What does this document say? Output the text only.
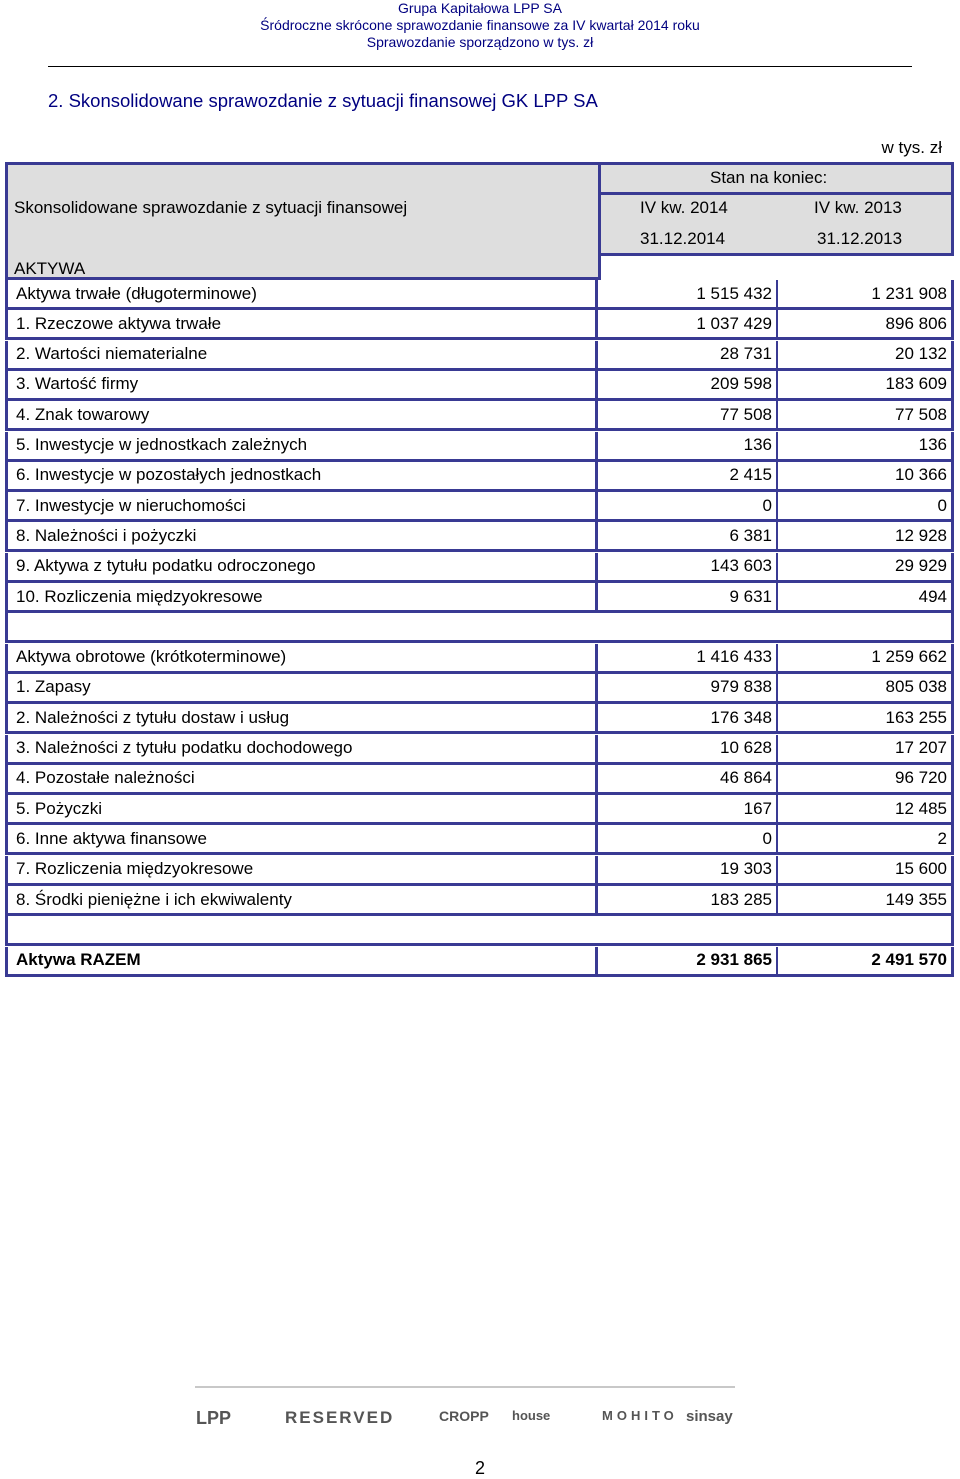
Grupa Kapitałowa LPP SA
Śródroczne skrócone sprawozdanie finansowe za IV kwartał 2014 roku
Sprawozdanie sporządzono w tys. zł
2. Skonsolidowane sprawozdanie z sytuacji finansowej GK LPP SA
w tys. zł
Stan na koniec:
Skonsolidowane sprawozdanie z sytuacji finansowej	IV kw. 2014	IV kw. 2013
31.12.2014	31.12.2013
AKTYWA
Aktywa trwałe (długoterminowe)	1 515 432	1 231 908
1. Rzeczowe aktywa trwałe	1 037 429	896 806
2. Wartości niematerialne	28 731	20 132
3. Wartość firmy	209 598	183 609
4. Znak towarowy	77 508	77 508
5. Inwestycje w jednostkach zależnych	136	136
6. Inwestycje w pozostałych jednostkach	2 415	10 366
7. Inwestycje w nieruchomości	0	0
8. Należności i pożyczki	6 381	12 928
9. Aktywa z tytułu podatku odroczonego	143 603	29 929
10. Rozliczenia międzyokresowe	9 631	494
Aktywa obrotowe (krótkoterminowe)	1 416 433	1 259 662
1. Zapasy	979 838	805 038
2. Należności z tytułu dostaw i usług	176 348	163 255
3. Należności z tytułu podatku dochodowego	10 628	17 207
4. Pozostałe należności	46 864	96 720
5. Pożyczki	167	12 485
6. Inne aktywa finansowe	0	2
7. Rozliczenia międzyokresowe	19 303	15 600
8. Środki pieniężne i ich ekwiwalenty	183 285	149 355
Aktywa RAZEM	2 931 865	2 491 570
LPP	RESERVED	CROPP house	MOHITO sinsay
2
